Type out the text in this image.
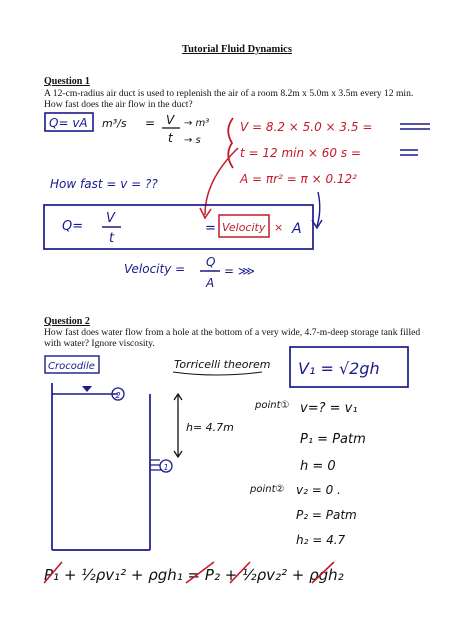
Tutorial Fluid Dynamics
Question 1
A 12-cm-radius air duct is used to replenish the air of a room 8.2m x 5.0m x 3.5m every 12 min.
How fast does the air flow in the duct?
Question 2
How fast does water flow from a hole at the bottom of a very wide, 4.7-m-deep storage tank filled
with water? Ignore viscosity.
Q= vA m³/s = V
t
→ m³
→ s
V = 8.2 × 5.0 × 3.5 =
t = 12 min × 60 s =
A = πr² = π × 0.12²
How fast = v = ??
Q=
V
t
= Velocity × A
Velocity = Q
A
= ⋙
Crocodile	Torricelli theorem V₁ = √2gh
2
1
h= 4.7m
point① v=? = v₁
P₁ = Patm
h = 0
point② v₂ = 0 .
P₂ = Patm
h₂ = 4.7
P₁ + ½ρv₁² + ρgh₁ = P₂ + ½ρv₂² + ρgh₂
